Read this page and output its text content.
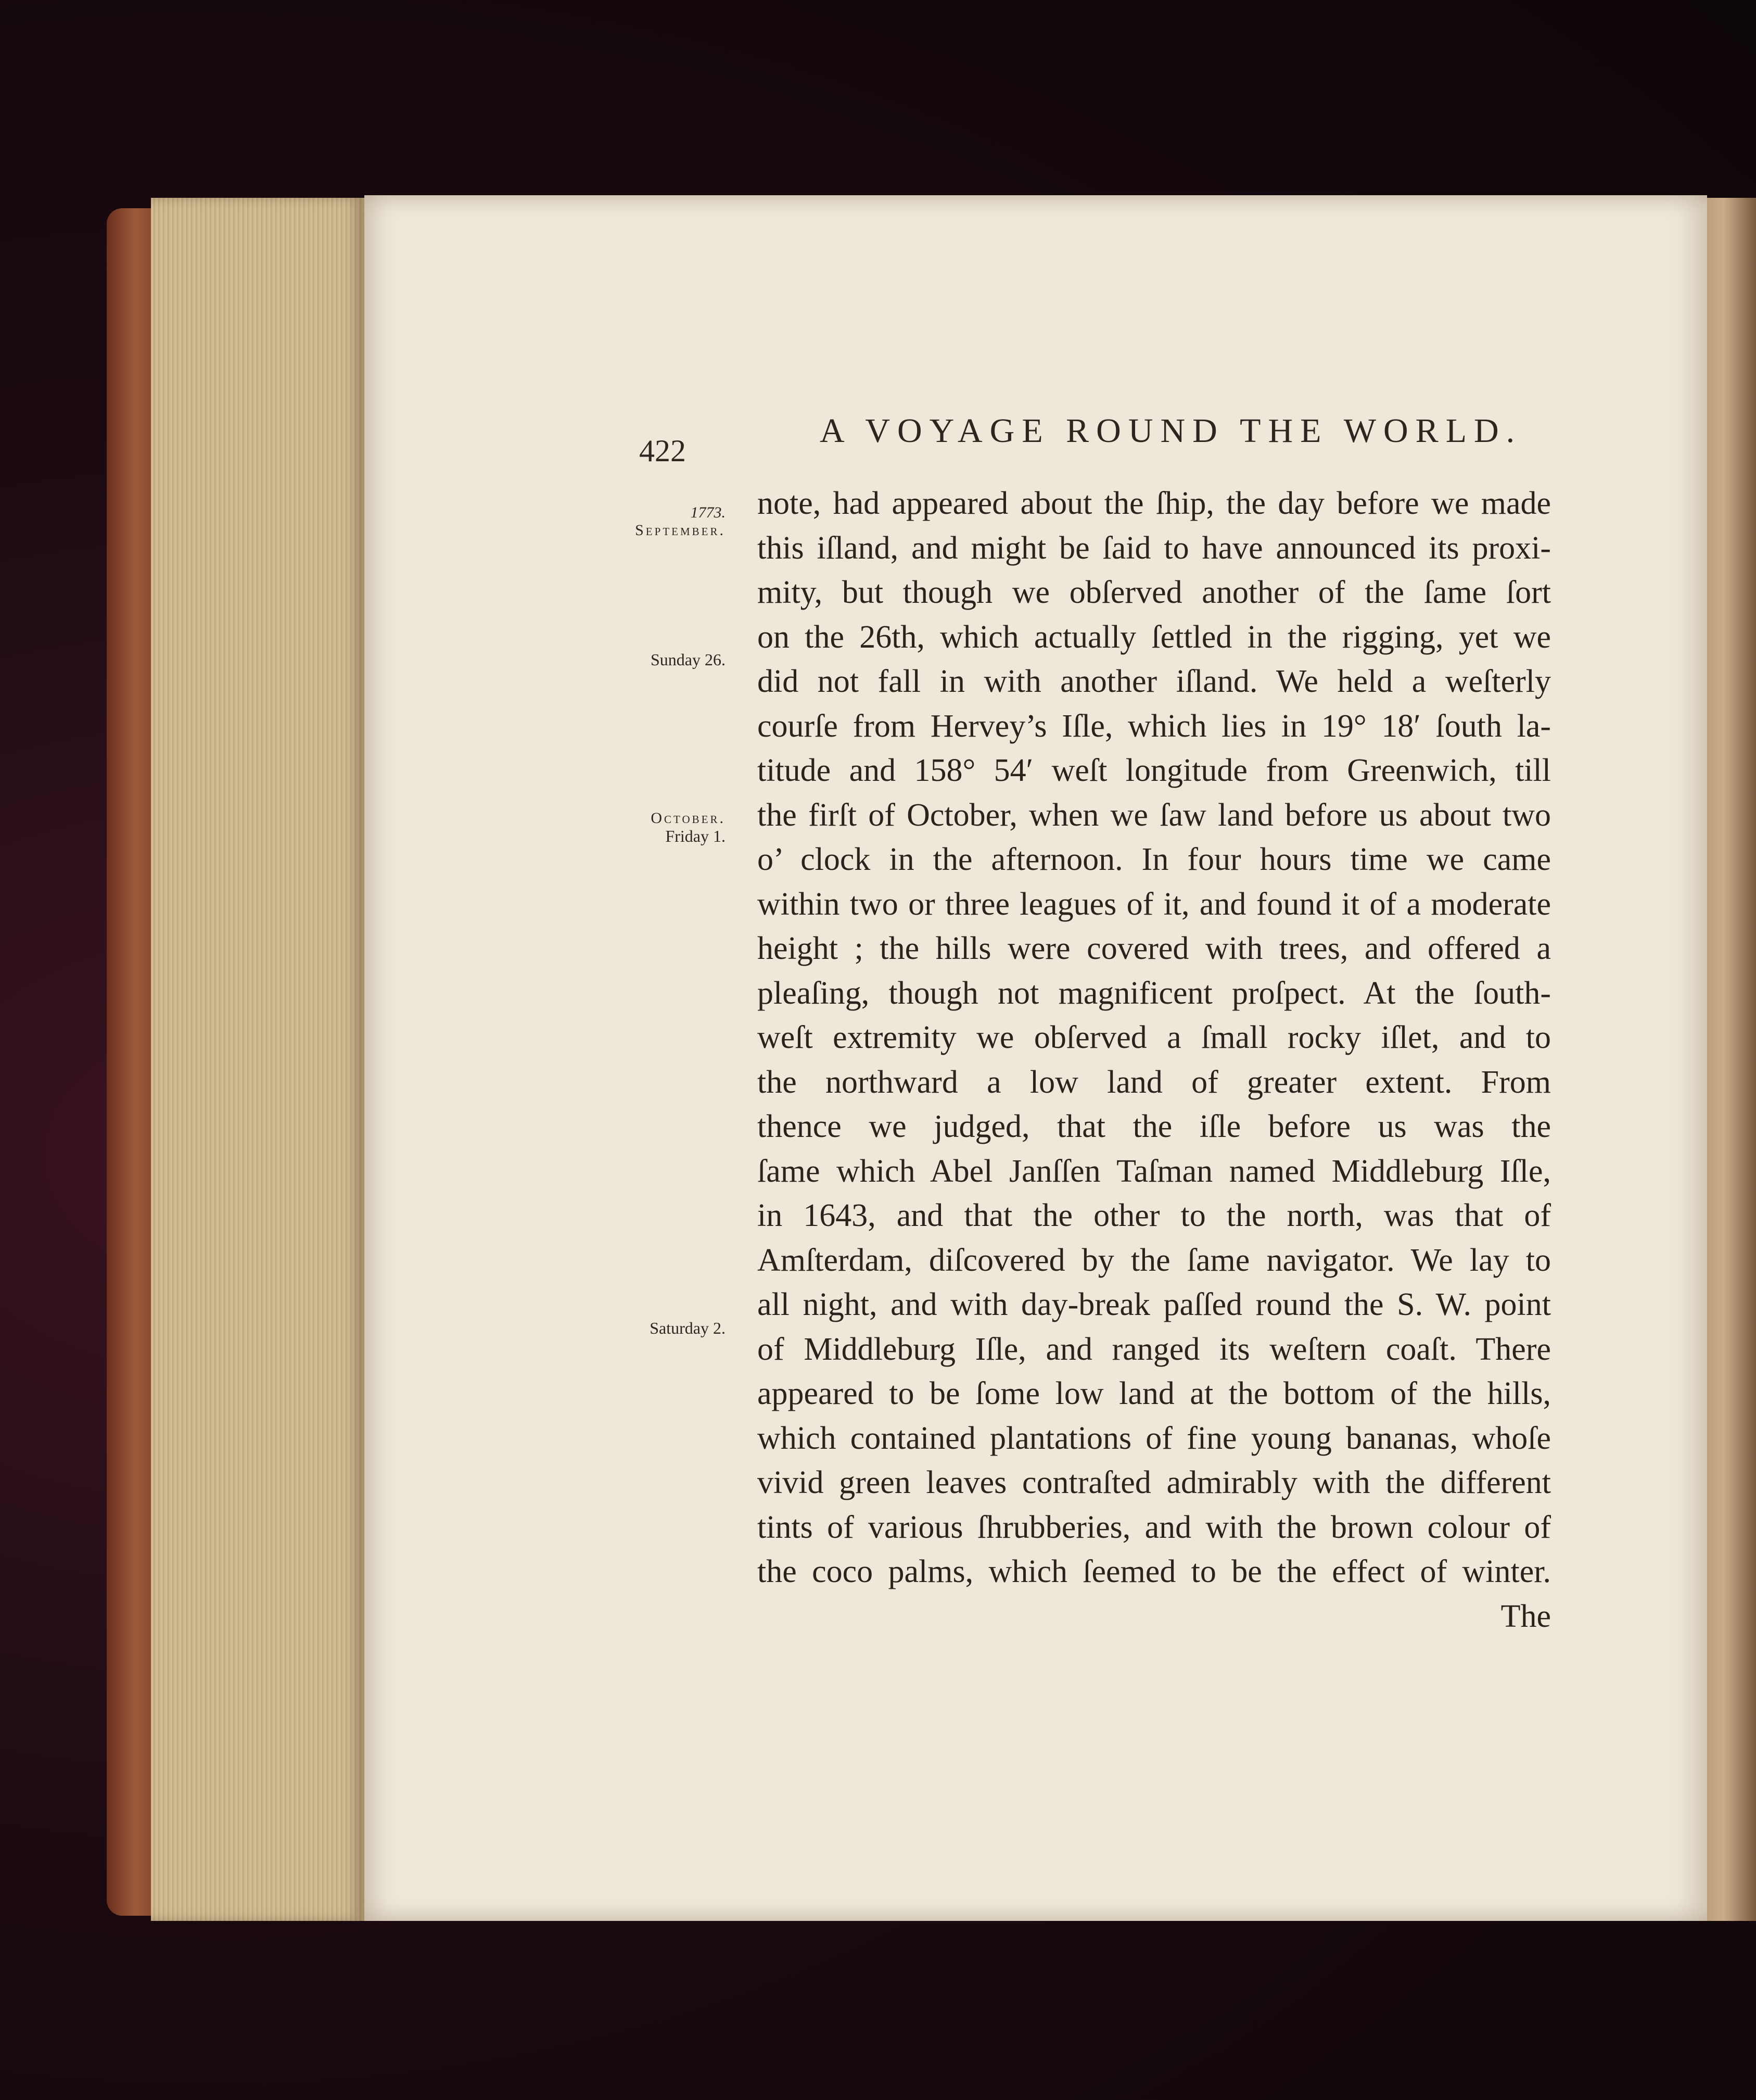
422
A VOYAGE ROUND THE WORLD.
1773.
September.
Sunday 26.
October.
Friday 1.
Saturday 2.
note, had appeared about the ſhip, the day before we made
this iſland, and might be ſaid to have announced its proxi-
mity, but though we obſerved another of the ſame ſort
on the 26th, which actually ſettled in the rigging, yet we
did not fall in with another iſland. We held a weſterly
courſe from Hervey’s Iſle, which lies in 19° 18′ ſouth la-
titude and 158° 54′ weſt longitude from Greenwich, till
the firſt of October, when we ſaw land before us about two
o’ clock in the afternoon. In four hours time we came
within two or three leagues of it, and found it of a moderate
height ; the hills were covered with trees, and offered a
pleaſing, though not magnificent proſpect. At the ſouth-
weſt extremity we obſerved a ſmall rocky iſlet, and to
the northward a low land of greater extent. From
thence we judged, that the iſle before us was the
ſame which Abel Janſſen Taſman named Middleburg Iſle,
in 1643, and that the other to the north, was that of
Amſterdam, diſcovered by the ſame navigator. We lay to
all night, and with day-break paſſed round the S. W. point
of Middleburg Iſle, and ranged its weſtern coaſt. There
appeared to be ſome low land at the bottom of the hills,
which contained plantations of fine young bananas, whoſe
vivid green leaves contraſted admirably with the different
tints of various ſhrubberies, and with the brown colour of
the coco palms, which ſeemed to be the effect of winter.
The
